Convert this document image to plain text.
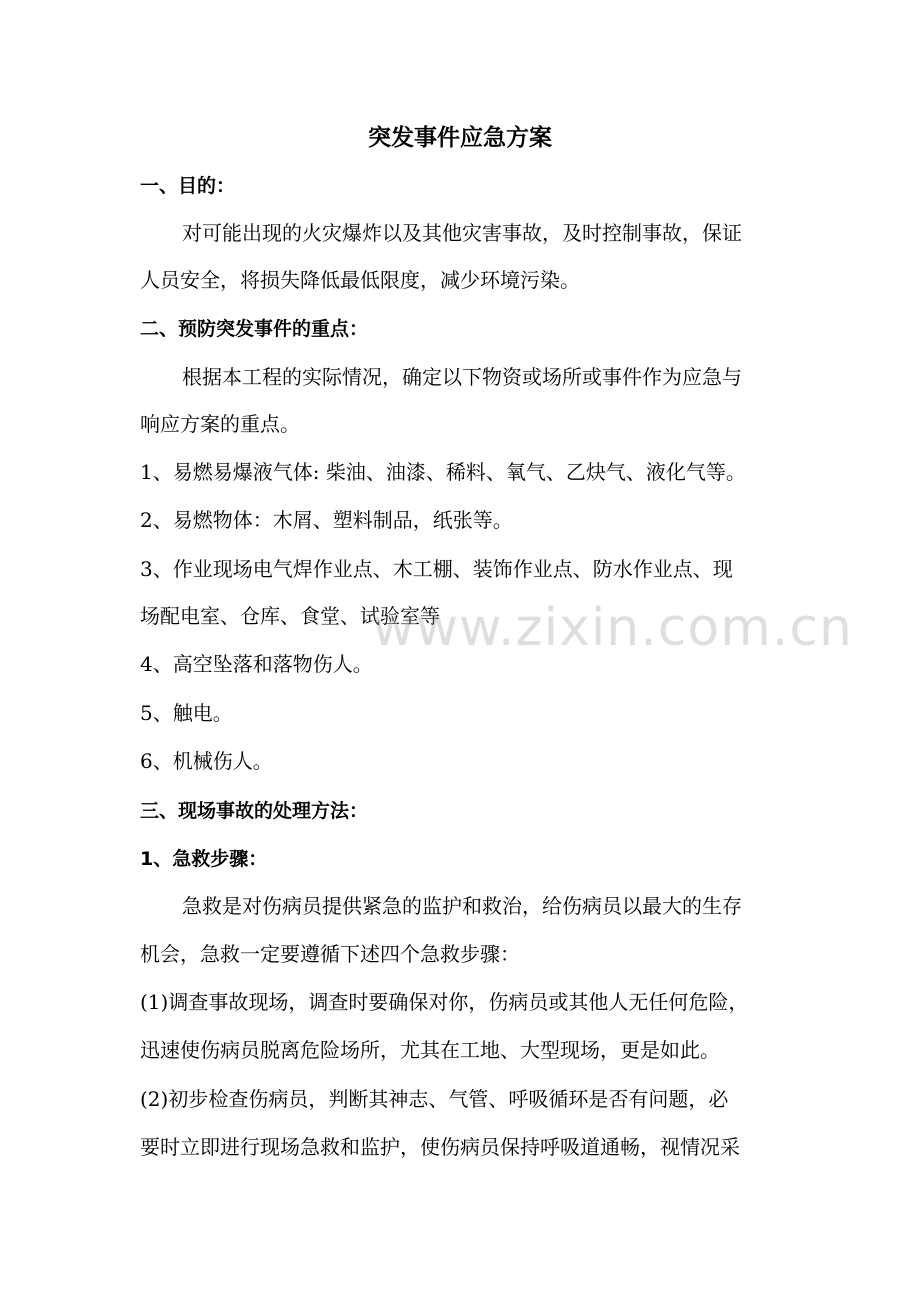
突发事件应急方案
一、目的：
对可能出现的火灾爆炸以及其他灾害事故，及时控制事故，保证
人员安全，将损失降低最低限度，减少环境污染。
二、预防突发事件的重点：
根据本工程的实际情况，确定以下物资或场所或事件作为应急与
响应方案的重点。
1、易燃易爆液气体: 柴油、油漆、稀料、氧气、乙炔气、液化气等。
2、易燃物体：木屑、塑料制品，纸张等。
3、作业现场电气焊作业点、木工棚、装饰作业点、防水作业点、现
场配电室、仓库、食堂、试验室等
4、高空坠落和落物伤人。
5、触电。
6、机械伤人。
三、现场事故的处理方法：
1、急救步骤：
急救是对伤病员提供紧急的监护和救治，给伤病员以最大的生存
机会，急救一定要遵循下述四个急救步骤：
(1)调查事故现场，调查时要确保对你，伤病员或其他人无任何危险，
迅速使伤病员脱离危险场所，尤其在工地、大型现场，更是如此。
(2)初步检查伤病员，判断其神志、气管、呼吸循环是否有问题，必
要时立即进行现场急救和监护，使伤病员保持呼吸道通畅，视情况采
www.zixin.com.cn
